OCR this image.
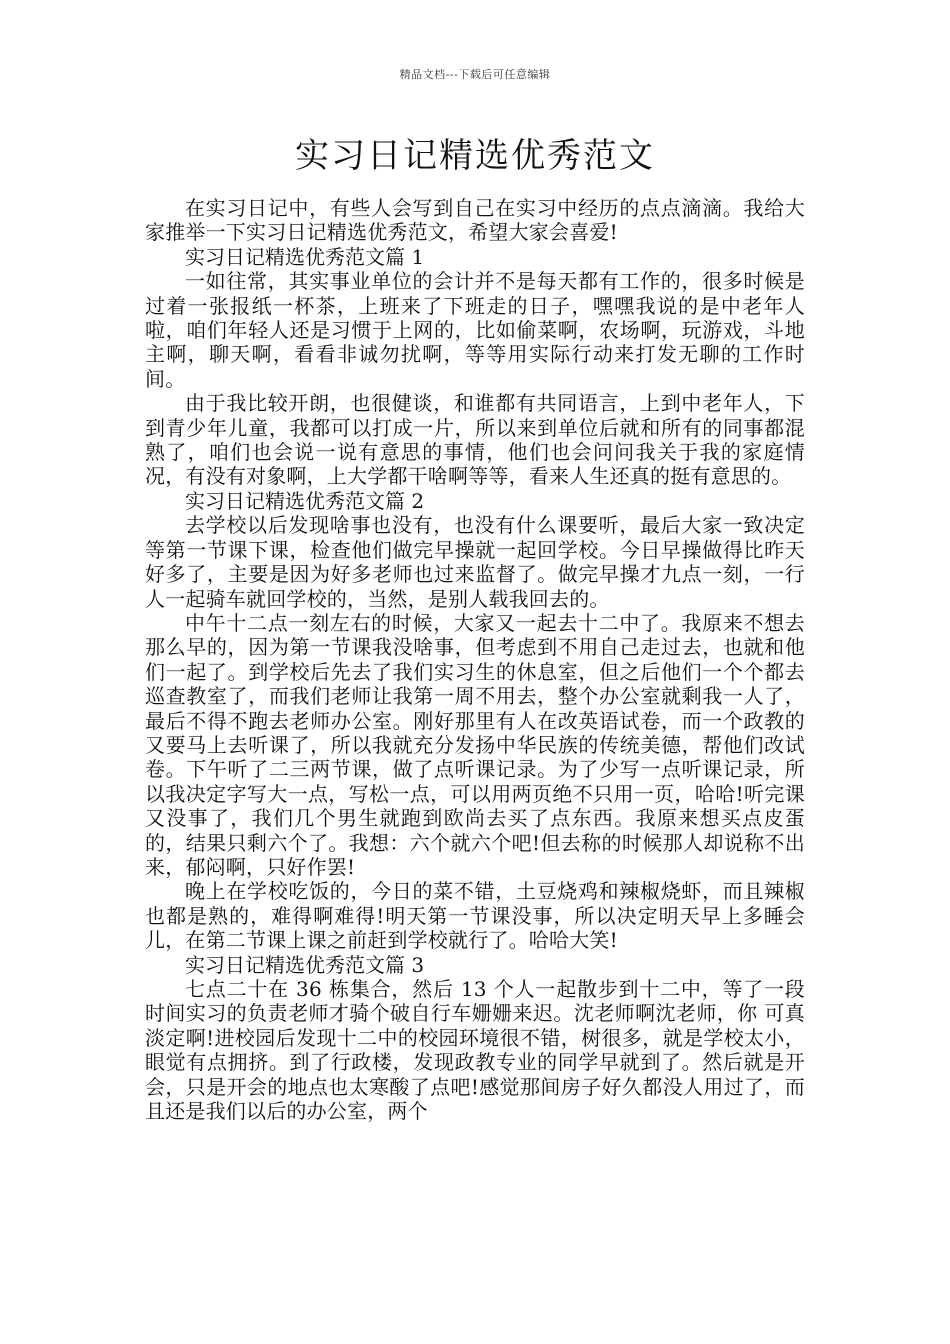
精品文档---下载后可任意编辑
实习日记精选优秀范文

在实习日记中，有些人会写到自己在实习中经历的点点滴滴。我给大家推举一下实习日记精选优秀范文，希望大家会喜爱!

实习日记精选优秀范文篇 1

一如往常，其实事业单位的会计并不是每天都有工作的，很多时候是过着一张报纸一杯茶，上班来了下班走的日子，嘿嘿我说的是中老年人啦，咱们年轻人还是习惯于上网的，比如偷菜啊，农场啊，玩游戏，斗地主啊，聊天啊，看看非诚勿扰啊，等等用实际行动来打发无聊的工作时间。

由于我比较开朗，也很健谈，和谁都有共同语言，上到中老年人，下到青少年儿童，我都可以打成一片，所以来到单位后就和所有的同事都混熟了，咱们也会说一说有意思的事情，他们也会问问我关于我的家庭情况，有没有对象啊，上大学都干啥啊等等，看来人生还真的挺有意思的。

实习日记精选优秀范文篇 2

去学校以后发现啥事也没有，也没有什么课要听，最后大家一致决定等第一节课下课，检查他们做完早操就一起回学校。今日早操做得比昨天好多了，主要是因为好多老师也过来监督了。做完早操才九点一刻，一行人一起骑车就回学校的，当然，是别人载我回去的。

中午十二点一刻左右的时候，大家又一起去十二中了。我原来不想去那么早的，因为第一节课我没啥事，但考虑到不用自己走过去，也就和他们一起了。到学校后先去了我们实习生的休息室，但之后他们一个个都去巡查教室了，而我们老师让我第一周不用去，整个办公室就剩我一人了，最后不得不跑去老师办公室。刚好那里有人在改英语试卷，而一个政教的又要马上去听课了，所以我就充分发扬中华民族的传统美德，帮他们改试卷。下午听了二三两节课，做了点听课记录。为了少写一点听课记录，所以我决定字写大一点，写松一点，可以用两页绝不只用一页，哈哈!听完课又没事了，我们几个男生就跑到欧尚去买了点东西。我原来想买点皮蛋的，结果只剩六个了。我想：六个就六个吧!但去称的时候那人却说称不出来，郁闷啊，只好作罢!

晚上在学校吃饭的，今日的菜不错，土豆烧鸡和辣椒烧虾，而且辣椒也都是熟的，难得啊难得!明天第一节课没事，所以决定明天早上多睡会儿，在第二节课上课之前赶到学校就行了。哈哈大笑!

实习日记精选优秀范文篇 3

七点二十在 36 栋集合，然后 13 个人一起散步到十二中，等了一段时间实习的负责老师才骑个破自行车姗姗来迟。沈老师啊沈老师，你 可真淡定啊!进校园后发现十二中的校园环境很不错，树很多，就是学校太小，眼觉有点拥挤。到了行政楼，发现政教专业的同学早就到了。然后就是开会，只是开会的地点也太寒酸了点吧!感觉那间房子好久都没人用过了，而且还是我们以后的办公室，两个
